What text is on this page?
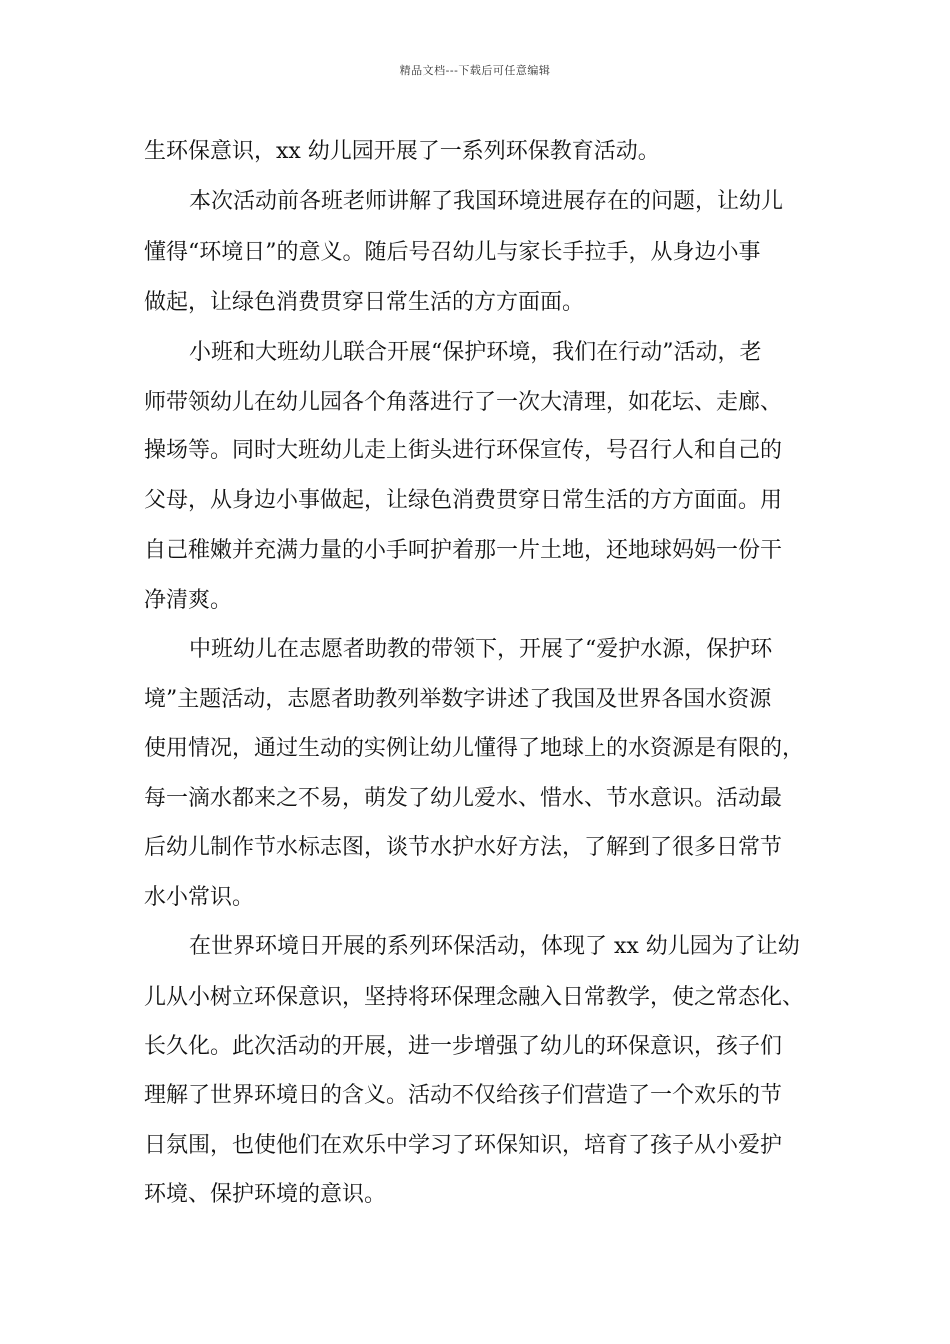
精品文档---下载后可任意编辑
生环保意识，xx 幼儿园开展了一系列环保教育活动。
本次活动前各班老师讲解了我国环境进展存在的问题，让幼儿
懂得“环境日”的意义。随后号召幼儿与家长手拉手，从身边小事
做起，让绿色消费贯穿日常生活的方方面面。
小班和大班幼儿联合开展“保护环境，我们在行动”活动，老
师带领幼儿在幼儿园各个角落进行了一次大清理，如花坛、走廊、
操场等。同时大班幼儿走上街头进行环保宣传，号召行人和自己的
父母，从身边小事做起，让绿色消费贯穿日常生活的方方面面。用
自己稚嫩并充满力量的小手呵护着那一片土地，还地球妈妈一份干
净清爽。
中班幼儿在志愿者助教的带领下，开展了“爱护水源，保护环
境”主题活动，志愿者助教列举数字讲述了我国及世界各国水资源
使用情况，通过生动的实例让幼儿懂得了地球上的水资源是有限的，
每一滴水都来之不易，萌发了幼儿爱水、惜水、节水意识。活动最
后幼儿制作节水标志图，谈节水护水好方法，了解到了很多日常节
水小常识。
在世界环境日开展的系列环保活动，体现了 xx 幼儿园为了让幼
儿从小树立环保意识，坚持将环保理念融入日常教学，使之常态化、
长久化。此次活动的开展，进一步增强了幼儿的环保意识，孩子们
理解了世界环境日的含义。活动不仅给孩子们营造了一个欢乐的节
日氛围，也使他们在欢乐中学习了环保知识，培育了孩子从小爱护
环境、保护环境的意识。
